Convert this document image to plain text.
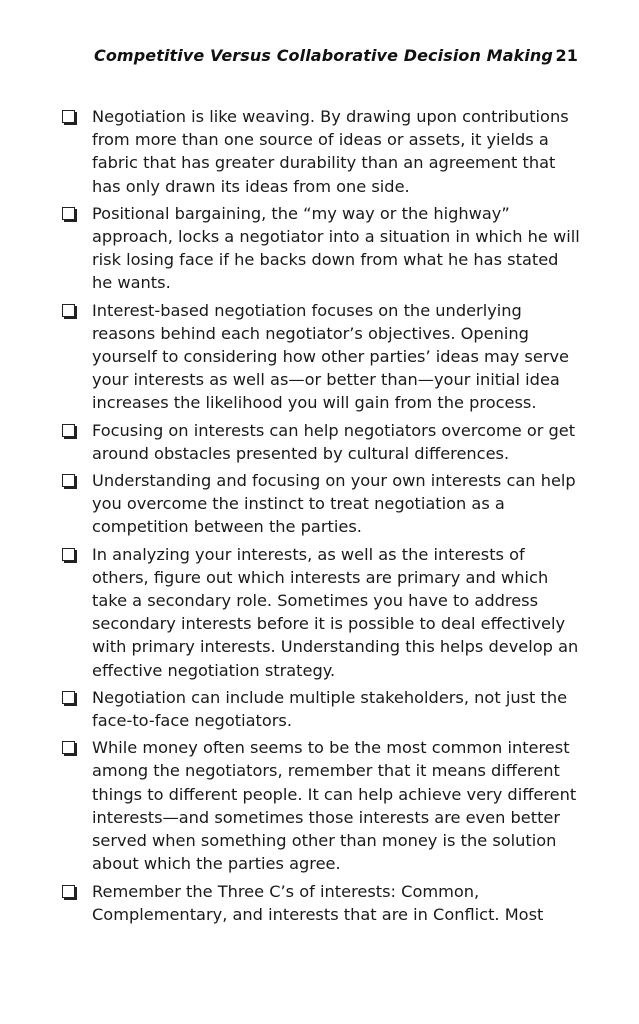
Competitive Versus Collaborative Decision Making 21
Negotiation is like weaving. By drawing upon contributions from more than one source of ideas or assets, it yields a fabric that has greater durability than an agreement that has only drawn its ideas from one side.
Positional bargaining, the “my way or the highway” approach, locks a negotiator into a situation in which he will risk losing face if he backs down from what he has stated he wants.
Interest-based negotiation focuses on the underlying reasons behind each negotiator’s objectives. Opening yourself to considering how other parties’ ideas may serve your interests as well as—or better than—your initial idea increases the likelihood you will gain from the process.
Focusing on interests can help negotiators overcome or get around obstacles presented by cultural differences.
Understanding and focusing on your own interests can help you overcome the instinct to treat negotiation as a competition between the parties.
In analyzing your interests, as well as the interests of others, figure out which interests are primary and which take a secondary role. Sometimes you have to address secondary interests before it is possible to deal effectively with primary interests. Understanding this helps develop an effective negotiation strategy.
Negotiation can include multiple stakeholders, not just the face-to-face negotiators.
While money often seems to be the most common interest among the negotiators, remember that it means different things to different people. It can help achieve very different interests—and sometimes those interests are even better served when something other than money is the solution about which the parties agree.
Remember the Three C’s of interests: Common, Complementary, and interests that are in Conflict. Most
